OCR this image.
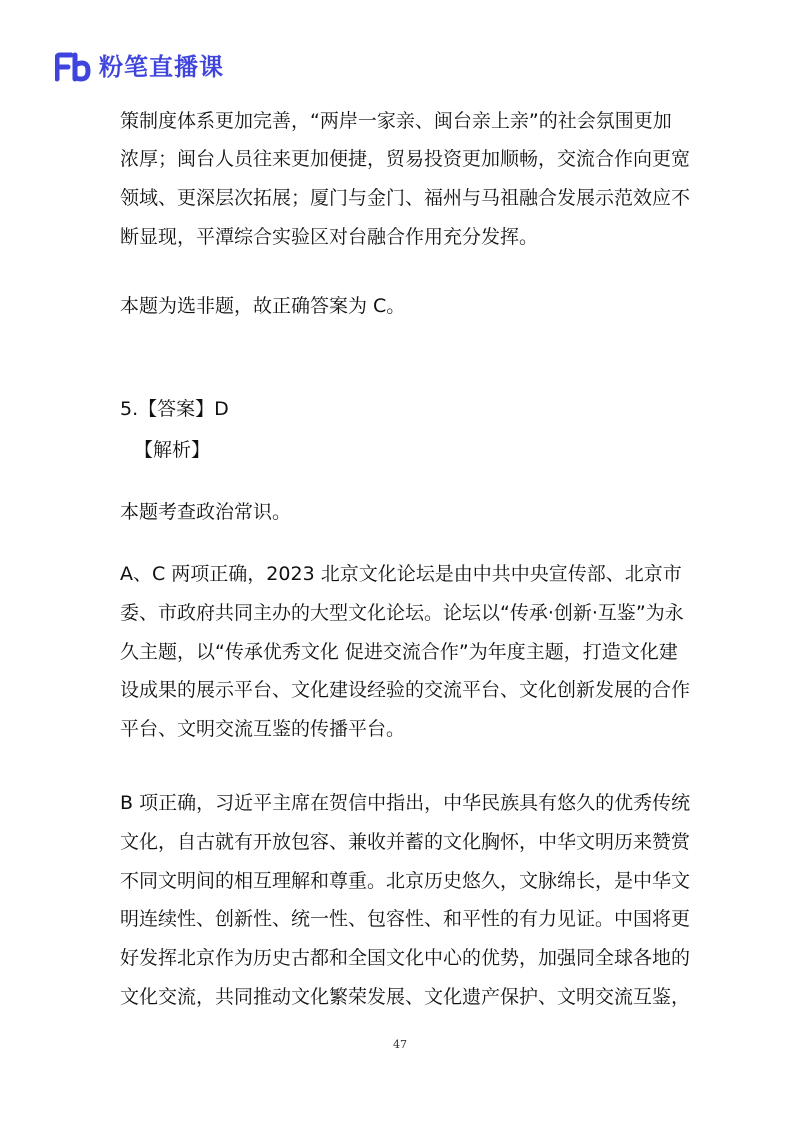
粉笔直播课
策制度体系更加完善，“两岸一家亲、闽台亲上亲”的社会氛围更加
浓厚；闽台人员往来更加便捷，贸易投资更加顺畅，交流合作向更宽
领域、更深层次拓展；厦门与金门、福州与马祖融合发展示范效应不
断显现，平潭综合实验区对台融合作用充分发挥。
本题为选非题，故正确答案为 C。
5.【答案】D
【解析】
本题考查政治常识。
A、C 两项正确，2023 北京文化论坛是由中共中央宣传部、北京市
委、市政府共同主办的大型文化论坛。论坛以“传承·创新·互鉴”为永
久主题，以“传承优秀文化 促进交流合作”为年度主题，打造文化建
设成果的展示平台、文化建设经验的交流平台、文化创新发展的合作
平台、文明交流互鉴的传播平台。
B 项正确，习近平主席在贺信中指出，中华民族具有悠久的优秀传统
文化，自古就有开放包容、兼收并蓄的文化胸怀，中华文明历来赞赏
不同文明间的相互理解和尊重。北京历史悠久，文脉绵长，是中华文
明连续性、创新性、统一性、包容性、和平性的有力见证。中国将更
好发挥北京作为历史古都和全国文化中心的优势，加强同全球各地的
文化交流，共同推动文化繁荣发展、文化遗产保护、文明交流互鉴，
47
